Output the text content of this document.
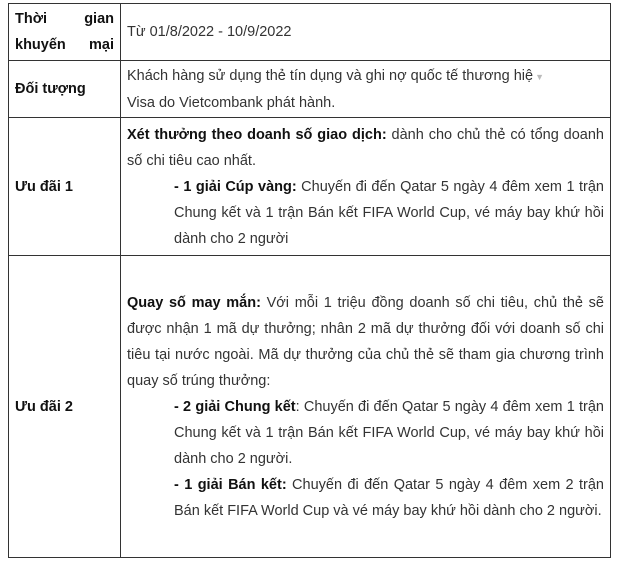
Thời gian khuyến mại	Từ 01/8/2022 - 10/9/2022
Đối tượng	Khách hàng sử dụng thẻ tín dụng và ghi nợ quốc tế thương hiệ ▼
Visa do Vietcombank phát hành.

Ưu đãi 1	Xét thưởng theo doanh số giao dịch: dành cho chủ thẻ có tổng doanh số chi tiêu cao nhất.
- 1 giải Cúp vàng: Chuyến đi đến Qatar 5 ngày 4 đêm xem 1 trận Chung kết và 1 trận Bán kết FIFA World Cup, vé máy bay khứ hồi dành cho 2 người

Ưu đãi 2	Quay số may mắn: Với mỗi 1 triệu đồng doanh số chi tiêu, chủ thẻ sẽ được nhận 1 mã dự thưởng; nhân 2 mã dự thưởng đối với doanh số chi tiêu tại nước ngoài. Mã dự thưởng của chủ thẻ sẽ tham gia chương trình quay số trúng thưởng:
- 2 giải Chung kết: Chuyến đi đến Qatar 5 ngày 4 đêm xem 1 trận Chung kết và 1 trận Bán kết FIFA World Cup, vé máy bay khứ hồi dành cho 2 người.
- 1 giải Bán kết: Chuyến đi đến Qatar 5 ngày 4 đêm xem 2 trận Bán kết FIFA World Cup và vé máy bay khứ hồi dành cho 2 người.
